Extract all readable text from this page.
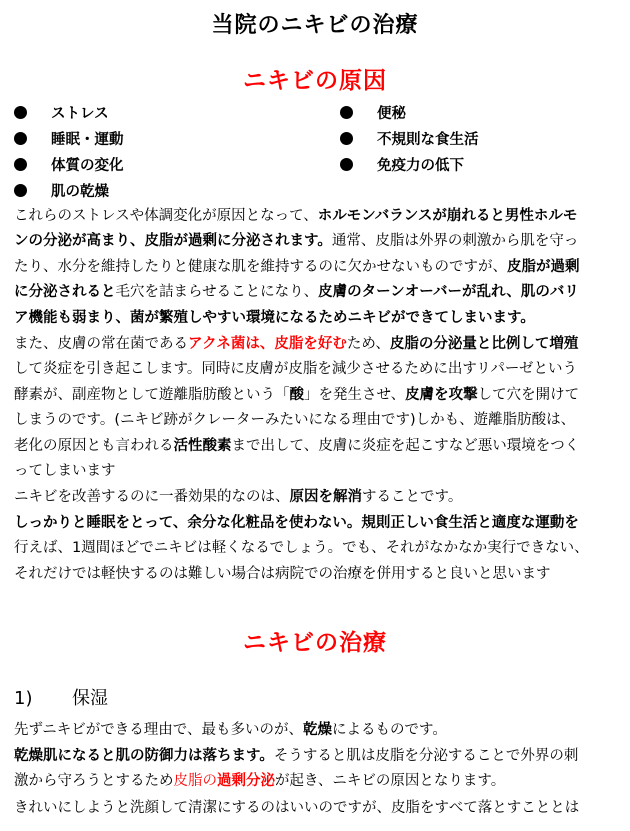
当院のニキビの治療
ニキビの原因
ストレス
睡眠・運動
体質の変化
肌の乾燥
便秘
不規則な食生活
免疫力の低下
これらのストレスや体調変化が原因となって、ホルモンバランスが崩れると男性ホルモ
ンの分泌が高まり、皮脂が過剰に分泌されます。通常、皮脂は外界の刺激から肌を守っ
たり、水分を維持したりと健康な肌を維持するのに欠かせないものですが、皮脂が過剰
に分泌されると毛穴を詰まらせることになり、皮膚のターンオーバーが乱れ、肌のバリ
ア機能も弱まり、菌が繁殖しやすい環境になるためニキビができてしまいます。
また、皮膚の常在菌であるアクネ菌は、皮脂を好むため、皮脂の分泌量と比例して増殖
して炎症を引き起こします。同時に皮膚が皮脂を減少させるために出すリパーゼという
酵素が、副産物として遊離脂肪酸という「酸」を発生させ、皮膚を攻撃して穴を開けて
しまうのです。(ニキビ跡がクレーターみたいになる理由です)しかも、遊離脂肪酸は、
老化の原因とも言われる活性酸素まで出して、皮膚に炎症を起こすなど悪い環境をつく
ってしまいます
ニキビを改善するのに一番効果的なのは、原因を解消することです。
しっかりと睡眠をとって、余分な化粧品を使わない。規則正しい食生活と適度な運動を
行えば、1週間ほどでニキビは軽くなるでしょう。でも、それがなかなか実行できない、
それだけでは軽快するのは難しい場合は病院での治療を併用すると良いと思います
ニキビの治療
1) 保湿
先ずニキビができる理由で、最も多いのが、乾燥によるものです。
乾燥肌になると肌の防御力は落ちます。そうすると肌は皮脂を分泌することで外界の刺
激から守ろうとするため皮脂の過剰分泌が起き、ニキビの原因となります。
きれいにしようと洗顔して清潔にするのはいいのですが、皮脂をすべて落とすこととは
